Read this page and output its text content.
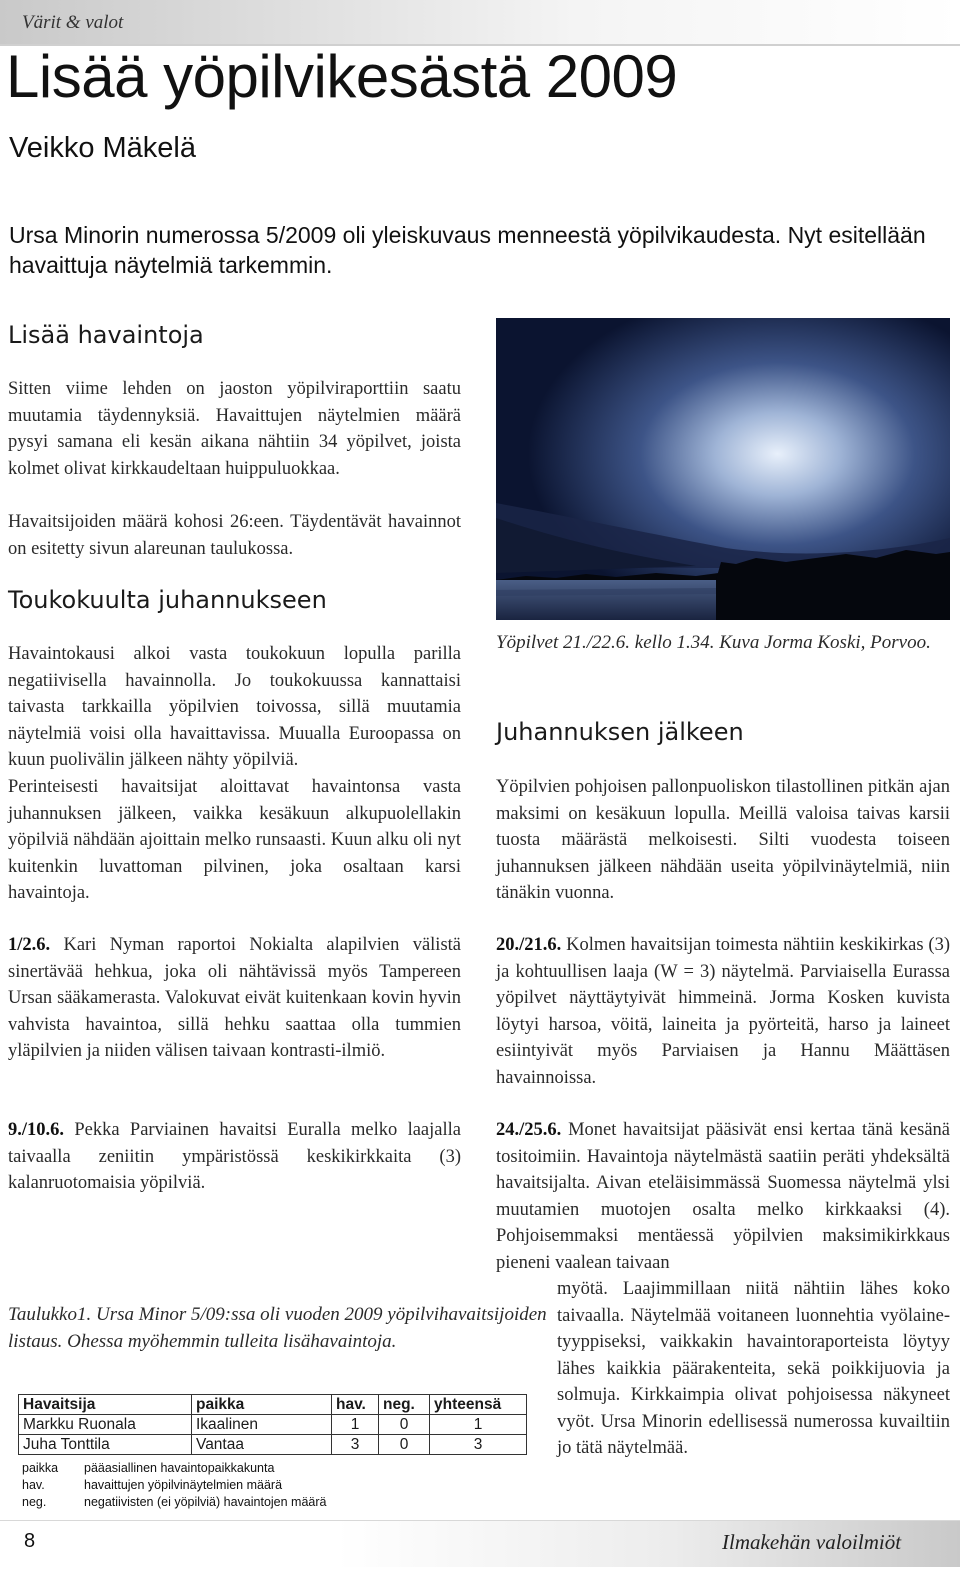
Värit & valot
Lisää yöpilvikesästä 2009
Veikko Mäkelä
Ursa Minorin numerossa 5/2009 oli yleiskuvaus menneestä yöpilvikaudesta. Nyt esitellään havaittuja näytelmiä tarkemmin.
Lisää havaintoja
Sitten viime lehden on jaoston yöpilviraporttiin saatu muutamia täydennyksiä. Havaittujen näytelmien määrä pysyi samana eli kesän aikana nähtiin 34 yöpilvet, joista kolmet olivat kirkkaudeltaan huippuluokkaa.
Havaitsijoiden määrä kohosi 26:een. Täydentävät havainnot on esitetty sivun alareunan taulukossa.
Toukokuulta juhannukseen
Havaintokausi alkoi vasta toukokuun lopulla parilla negatiivisella havainnolla. Jo toukokuussa kannattaisi taivasta tarkkailla yöpilvien toivossa, sillä muutamia näytelmiä voisi olla havaittavissa. Muualla Euroopassa on kuun puolivälin jälkeen nähty yöpilviä.
Perinteisesti havaitsijat aloittavat havaintonsa vasta juhannuksen jälkeen, vaikka kesäkuun alkupuolellakin yöpilviä nähdään ajoittain melko runsaasti. Kuun alku oli nyt kuitenkin luvattoman pilvinen, joka osaltaan karsi havaintoja.
1/2.6. Kari Nyman raportoi Nokialta alapilvien välistä sinertävää hehkua, joka oli nähtävissä myös Tampereen Ursan sääkamerasta. Valokuvat eivät kuitenkaan kovin hyvin vahvista havaintoa, sillä hehku saattaa olla tummien yläpilvien ja niiden välisen taivaan kontrasti-ilmiö.
9./10.6. Pekka Parviainen havaitsi Euralla melko laajalla taivaalla zeniitin ympäristössä keskikirkkaita (3) kalanruotomaisia yöpilviä.
Yöpilvet 21./22.6. kello 1.34. Kuva Jorma Koski, Porvoo.
Juhannuksen jälkeen
Yöpilvien pohjoisen pallonpuoliskon tilastollinen pitkän ajan maksimi on kesäkuun lopulla. Meillä valoisa taivas karsii tuosta määrästä melkoisesti. Silti vuodesta toiseen juhannuksen jälkeen nähdään useita yöpilvinäytelmiä, niin tänäkin vuonna.
20./21.6. Kolmen havaitsijan toimesta nähtiin keskikirkas (3) ja kohtuullisen laaja (W = 3) näytelmä. Parviaisella Eurassa yöpilvet näyttäytyivät himmeinä. Jorma Kosken kuvista löytyi harsoa, vöitä, laineita ja pyörteitä, harso ja laineet esiintyivät myös Parviaisen ja Hannu Määttäsen havainnoissa.
24./25.6. Monet havaitsijat pääsivät ensi kertaa tänä kesänä tositoimiin. Havaintoja näytelmästä saatiin peräti yhdeksältä havaitsijalta. Aivan eteläisimmässä Suomessa näytelmä ylsi muutamien muotojen osalta melko kirkkaaksi (4). Pohjoisemmaksi mentäessä yöpilvien maksimikirkkaus pieneni vaalean taivaan
myötä. Laajimmillaan niitä nähtiin lähes koko taivaalla. Näytelmää voitaneen luonnehtia vyölaine-tyyppiseksi, vaikkakin havaintoraporteista löytyy lähes kaikkia päärakenteita, sekä poikkijuovia ja solmuja. Kirkkaimpia olivat pohjoisessa näkyneet vyöt. Ursa Minorin edellisessä numerossa kuvailtiin jo tätä näytelmää.
Taulukko1. Ursa Minor 5/09:ssa oli vuoden 2009 yöpilvihavaitsijoiden listaus. Ohessa myöhemmin tulleita lisähavaintoja.
Havaitsija	paikka	hav.	neg.	yhteensä
Markku Ruonala	Ikaalinen	1	0	1
Juha Tonttila	Vantaa	3	0	3
paikka pääasiallinen havaintopaikkakunta
hav.	havaittujen yöpilvinäytelmien määrä
neg.	negatiivisten (ei yöpilviä) havaintojen määrä
8	Ilmakehän valoilmiöt
